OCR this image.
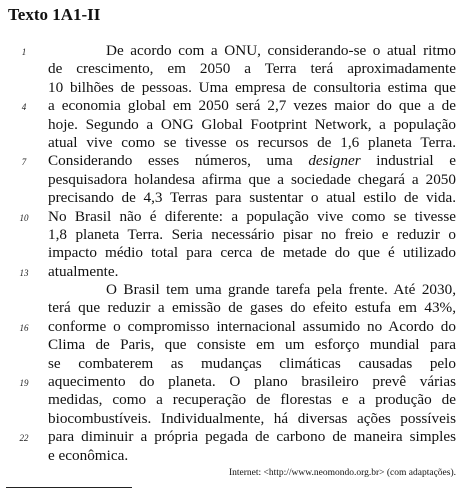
Texto 1A1-II
1	De acordo com a ONU, considerando-se o atual ritmo
de crescimento, em 2050 a Terra terá aproximadamente
10 bilhões de pessoas. Uma empresa de consultoria estima que
4	a economia global em 2050 será 2,7 vezes maior do que a de
hoje. Segundo a ONG Global Footprint Network, a população
atual vive como se tivesse os recursos de 1,6 planeta Terra.
7	Considerando esses números, uma designer industrial e
pesquisadora holandesa afirma que a sociedade chegará a 2050
precisando de 4,3 Terras para sustentar o atual estilo de vida.
10	No Brasil não é diferente: a população vive como se tivesse
1,8 planeta Terra. Seria necessário pisar no freio e reduzir o
impacto médio total para cerca de metade do que é utilizado
13	atualmente.
O Brasil tem uma grande tarefa pela frente. Até 2030,
terá que reduzir a emissão de gases do efeito estufa em 43%,
16	conforme o compromisso internacional assumido no Acordo do
Clima de Paris, que consiste em um esforço mundial para
se combaterem as mudanças climáticas causadas pelo
19	aquecimento do planeta. O plano brasileiro prevê várias
medidas, como a recuperação de florestas e a produção de
biocombustíveis. Individualmente, há diversas ações possíveis
22	para diminuir a própria pegada de carbono de maneira simples
e econômica.
Internet: <http://www.neomondo.org.br> (com adaptações).
